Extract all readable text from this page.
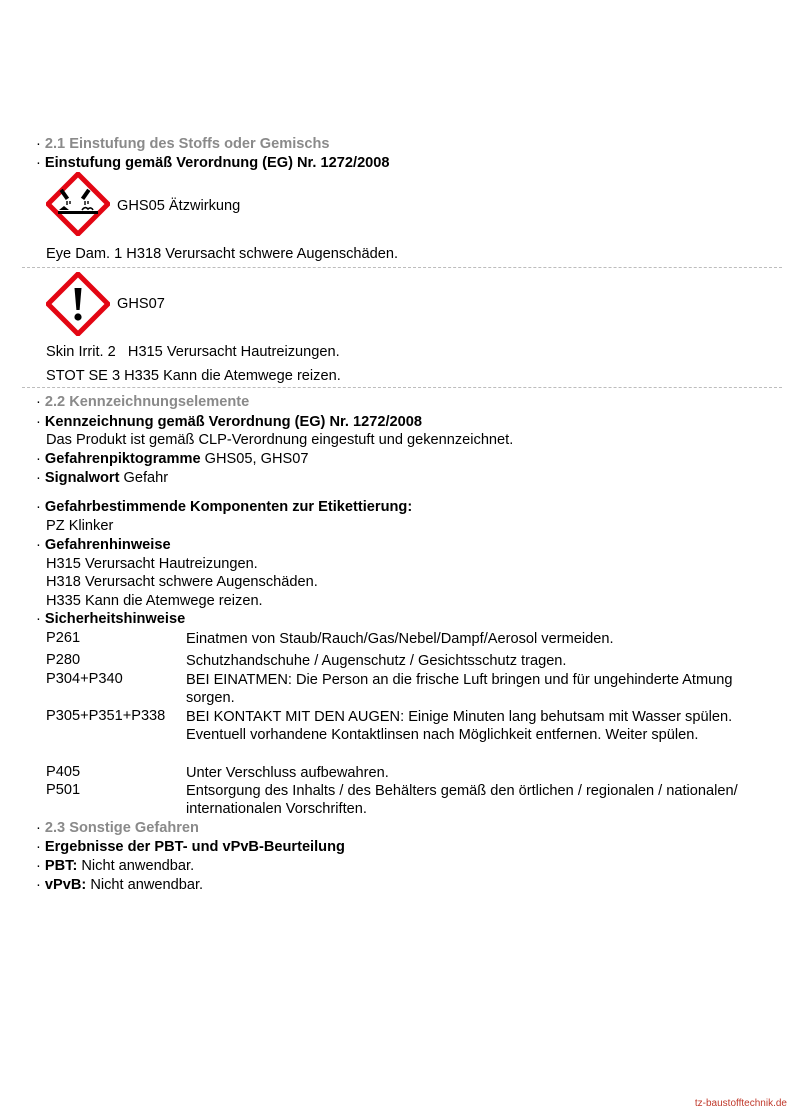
· 2.1 Einstufung des Stoffs oder Gemischs
· Einstufung gemäß Verordnung (EG) Nr. 1272/2008
GHS05 Ätzwirkung
Eye Dam. 1 H318 Verursacht schwere Augenschäden.
GHS07
Skin Irrit. 2   H315 Verursacht Hautreizungen.
STOT SE 3 H335 Kann die Atemwege reizen.
· 2.2 Kennzeichnungselemente
· Kennzeichnung gemäß Verordnung (EG) Nr. 1272/2008
Das Produkt ist gemäß CLP-Verordnung eingestuft und gekennzeichnet.
· Gefahrenpiktogramme GHS05, GHS07
· Signalwort Gefahr
· Gefahrbestimmende Komponenten zur Etikettierung:
PZ Klinker
· Gefahrenhinweise
H315 Verursacht Hautreizungen.
H318 Verursacht schwere Augenschäden.
H335 Kann die Atemwege reizen.
· Sicherheitshinweise
P261	Einatmen von Staub/Rauch/Gas/Nebel/Dampf/Aerosol vermeiden.
P280	Schutzhandschuhe / Augenschutz / Gesichtsschutz tragen.
P304+P340	BEI EINATMEN: Die Person an die frische Luft bringen und für ungehinderte Atmung sorgen.
P305+P351+P338 BEI KONTAKT MIT DEN AUGEN: Einige Minuten lang behutsam mit Wasser spülen. Eventuell vorhandene Kontaktlinsen nach Möglichkeit entfernen. Weiter spülen.
P405	Unter Verschluss aufbewahren.
P501	Entsorgung des Inhalts / des Behälters gemäß den örtlichen / regionalen / nationalen/ internationalen Vorschriften.
· 2.3 Sonstige Gefahren
· Ergebnisse der PBT- und vPvB-Beurteilung
· PBT: Nicht anwendbar.
· vPvB: Nicht anwendbar.
tz-baustofftechnik.de
